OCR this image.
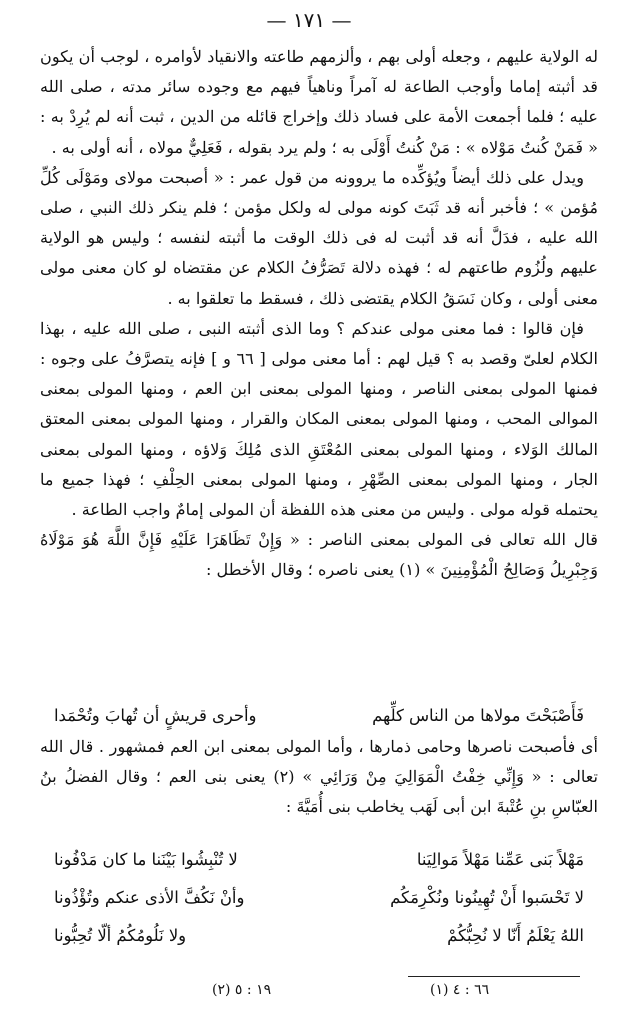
— ١٧١ —

له الولاية عليهم ، وجعله أولى بهم ، وألزمهم طاعته والانقياد لأوامره ، لوجب أن يكون قد أثبته إماما وأوجب الطاعة له آمراً وناهياً فيهم مع وجوده سائر مدته ، صلى الله عليه ؛ فلما أجمعت الأمة على فساد ذلك وإخراج قائله من الدين ، ثبت أنه لم يُرِدْ به : « فَمَنْ كُنتُ مَوْلاه » : مَنْ كُنتُ أَوْلَى به ؛ ولم يرد بقوله ، فَعَلِيٌّ مولاه ، أنه أولى به .

ويدل على ذلك أيضاً ويُؤكِّده ما يروونه من قول عمر : « أصبحت مولاى ومَوْلَى كُلِّ مُؤمن » ؛ فأخبر أنه قد ثَبَتَ كونه مولى له ولكل مؤمن ؛ فلم ينكر ذلك النبي ، صلى الله عليه ، فدَلَّ أنه قد أثبت له فى ذلك الوقت ما أثبته لنفسه ؛ وليس هو الولاية عليهم ولُزُوم طاعتهم له ؛ فهذه دلالة تَصَرُّفُ الكلام عن مقتضاه لو كان معنى مولى معنى أولى ، وكان نَسَقُ الكلام يقتضى ذلك ، فسقط ما تعلقوا به .

فإن قالوا : فما معنى مولى عندكم ؟ وما الذى أثبته النبى ، صلى الله عليه ، بهذا الكلام لعلىّ وقصد به ؟ قيل لهم : أما معنى مولى [ ٦٦ و ] فإنه يتصرَّفُ على وجوه : فمنها المولى بمعنى الناصر ، ومنها المولى بمعنى ابن العم ، ومنها المولى بمعنى الموالى المحب ، ومنها المولى بمعنى المكان والقرار ، ومنها المولى بمعنى المعتق المالك الوَلاء ، ومنها المولى بمعنى المُعْتَقِ الذى مُلِكَ وَلاؤه ، ومنها المولى بمعنى الجار ، ومنها المولى بمعنى الصِّهْرِ ، ومنها المولى بمعنى الحِلْفِ ؛ فهذا جميع ما يحتمله قوله مولى . وليس من معنى هذه اللفظة أن المولى إمامٌ واجب الطاعة .

قال الله تعالى فى المولى بمعنى الناصر : « وَإِنْ تَظَاهَرَا عَلَيْهِ فَإِنَّ اللَّهَ هُوَ مَوْلَاهُ وَجِبْرِيلُ وَصَالِحُ الْمُؤْمِنِينَ » (١) يعنى ناصره ؛ وقال الأخطل :

فَأَصْبَحْتَ مولاها من الناس كلِّهم
وأحرى قريشٍ أن تُهابَ وتُحْمَدا

أى فأصبحت ناصرها وحامى ذمارها ، وأما المولى بمعنى ابن العم فمشهور . قال الله تعالى : « وَإِنِّي خِفْتُ الْمَوَالِيَ مِنْ وَرَائِي » (٢) يعنى بنى العم ؛ وقال الفضلُ بنُ العبّاسِ بنِ عُتْبةَ ابن أبى لَهَب يخاطب بنى أُمَيَّةَ :

مَهْلاً بَنى عَمِّنا مَهْلاً مَوالِيَنا
لا تُنْبِشُوا بَيْنَنا ما كان مَدْفُونا
لا تَحْسَبوا أَنْ تُهِينُونا ونُكْرِمَكُم
وأنْ نَكُفَّ الأذى عنكم وتُؤْذُونا
اللهُ يَعْلَمُ أَنّا لا نُحِبُّكُمْ
ولا نَلُومُكُمُ ألّا تُحِبُّونا
(١) ٦٦ : ٤
(٢) ١٩ : ٥
